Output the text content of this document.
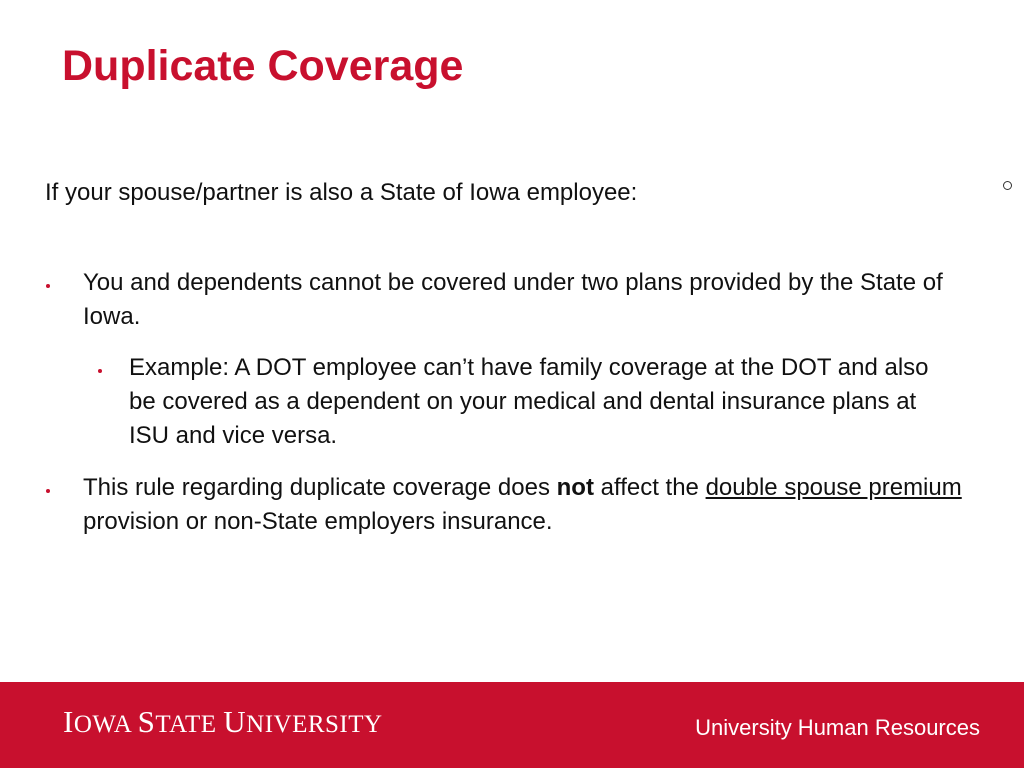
Duplicate Coverage

If your spouse/partner is also a State of Iowa employee:

You and dependents cannot be covered under two plans provided by the State of Iowa.

Example: A DOT employee can’t have family coverage at the DOT and also be covered as a dependent on your medical and dental insurance plans at ISU and vice versa.

This rule regarding duplicate coverage does not affect the double spouse premium provision or non-State employers insurance.

IOWA STATE UNIVERSITY	University Human Resources
